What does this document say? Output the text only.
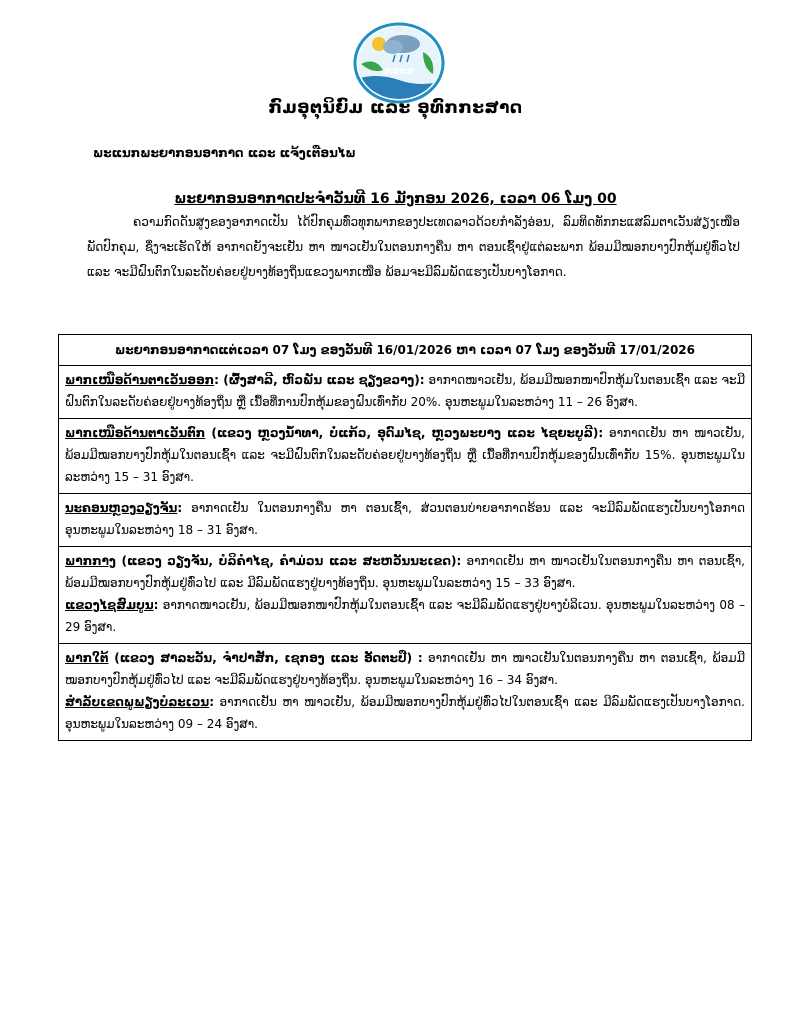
ກອຕອ
ກົມອຸຕຸນິຍົມ ແລະ ອຸທົກກະສາດ
ພະແນກພະຍາກອນອາກາດ ແລະ ແຈ້ງເຕືອນໄພ
ພະຍາກອນອາກາດປະຈຳວັນທີ 16 ມັງກອນ 2026, ເວລາ 06 ໂມງ 00
ຄວາມກົດດັນສູງຂອງອາກາດເປັນ ໄດ້ປົກຄຸມທົ່ວທຸກພາກຂອງປະເທດລາວດ້ວຍກຳລັງອ່ອນ, ລົມທິດທັກກະແສລົມຕາເວັນສ່ຽງເໜືອພັດປົກຄຸມ, ຊຶ່ງຈະເຮັດໃຫ້ ອາກາດຍັງຈະເຢັນ ຫາ ໜາວເຢັນໃນຕອນກາງຄືນ ຫາ ຕອນເຊົ້າຢູ່ແຕ່ລະພາກ ພ້ອມມີໝອກບາງປົກຫຸ້ມຢູ່ທົ່ວໄປ ແລະ ຈະມີຝົນຕົກໃນລະດັບຄ່ອຍຢູ່ບາງທ້ອງຖິ່ນແຂວງພາກເໜືອ ພ້ອມຈະມີລົມພັດແຮງເປັນບາງໂອກາດ.
ພະຍາກອນອາກາດແຕ່ເວລາ 07 ໂມງ ຂອງວັນທີ 16/01/2026 ຫາ ເວລາ 07 ໂມງ ຂອງວັນທີ 17/01/2026
ພາກເໜືອດ້ານຕາເວັນອອກ: (ຜົ້ງສາລີ, ຫົວພັນ ແລະ ຊຽງຂວາງ): ອາກາດໜາວເຢັນ, ພ້ອມມີໝອກໜາປົກຫຸ້ມໃນຕອນເຊົ້າ ແລະ ຈະມີຝົນຕົກໃນລະດັບຄ່ອຍຢູ່ບາງທ້ອງຖິ່ນ ຫຼື ເນື້ອທີ່ການປົກຫຸ້ມຂອງຝົນເທົ່າກັບ 20%. ອຸນຫະພູມໃນລະຫວ່າງ 11 – 26 ອົງສາ.
ພາກເໜືອດ້ານຕາເວັນຕົກ (ແຂວງ ຫຼວງນ້ຳທາ, ບໍ່ແກ້ວ, ອຸດົມໄຊ, ຫຼວງພະບາງ ແລະ ໄຊຍະບູລີ): ອາກາດເຢັນ ຫາ ໜາວເຢັນ, ພ້ອມມີໝອກບາງປົກຫຸ້ມໃນຕອນເຊົ້າ ແລະ ຈະມີຝົນຕົກໃນລະດັບຄ່ອຍຢູ່ບາງທ້ອງຖິ່ນ ຫຼື ເນື້ອທີ່ການປົກຫຸ້ມຂອງຝົນເທົ່າກັບ 15%. ອຸນຫະພູມໃນລະຫວ່າງ 15 – 31 ອົງສາ.
ນະຄອນຫຼວງວຽງຈັນ: ອາກາດເຢັນ ໃນຕອນກາງຄືນ ຫາ ຕອນເຊົ້າ, ສ່ວນຕອນບ່າຍອາກາດຮ້ອນ ແລະ ຈະມີລົມພັດແຮງເປັນບາງໂອກາດ ອຸນຫະພູມໃນລະຫວ່າງ 18 – 31 ອົງສາ.

ພາກກາງ (ແຂວງ ວຽງຈັນ, ບໍລິຄຳໄຊ, ຄຳມ່ວນ ແລະ ສະຫວັນນະເຂດ): ອາກາດເຢັນ ຫາ ໜາວເຢັນໃນຕອນກາງຄືນ ຫາ ຕອນເຊົ້າ, ພ້ອມມີໝອກບາງປົກຫຸ້ມຢູ່ທົ່ວໄປ ແລະ ມີລົມພັດແຮງຢູ່ບາງທ້ອງຖິ່ນ. ອຸນຫະພູມໃນລະຫວ່າງ 15 – 33 ອົງສາ.
ແຂວງໄຊສົມບູນ: ອາກາດໜາວເຢັນ, ພ້ອມມີໝອກໜາປົກຫຸ້ມໃນຕອນເຊົ້າ ແລະ ຈະມີລົມພັດແຮງຢູ່ບາງບໍລິເວນ. ອຸນຫະພູມໃນລະຫວ່າງ 08 – 29 ອົງສາ.

ພາກໃຕ້ (ແຂວງ ສາລະວັນ, ຈຳປາສັກ, ເຊກອງ ແລະ ອັດຕະປື) : ອາກາດເຢັນ ຫາ ໜາວເຢັນໃນຕອນກາງຄືນ ຫາ ຕອນເຊົ້າ, ພ້ອມມີໝອກບາງປົກຫຸ້ມຢູ່ທົ່ວໄປ ແລະ ຈະມີລົມພັດແຮງຢູ່ບາງທ້ອງຖິ່ນ. ອຸນຫະພູມໃນລະຫວ່າງ 16 – 34 ອົງສາ.
ສຳລັບເຂດພູພຽງບໍລະເວນ: ອາກາດເຢັນ ຫາ ໜາວເຢັນ, ພ້ອມມີໝອກບາງປົກຫຸ້ມຢູ່ທົ່ວໄປໃນຕອນເຊົ້າ ແລະ ມີລົມພັດແຮງເປັນບາງໂອກາດ. ອຸນຫະພູມໃນລະຫວ່າງ 09 – 24 ອົງສາ.
